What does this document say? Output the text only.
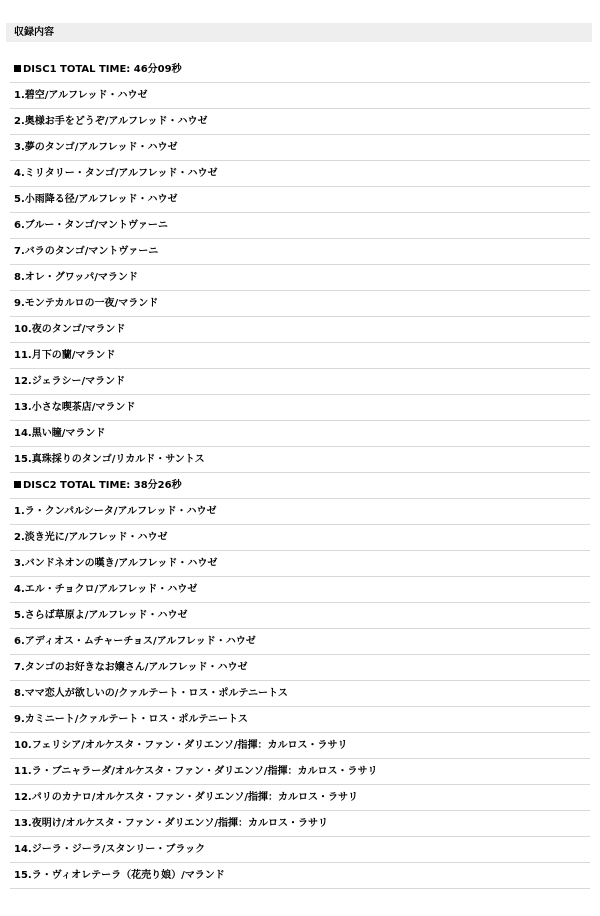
収録内容
DISC1 TOTAL TIME: 46分09秒
1.碧空/アルフレッド・ハウゼ
2.奥様お手をどうぞ/アルフレッド・ハウゼ
3.夢のタンゴ/アルフレッド・ハウゼ
4.ミリタリー・タンゴ/アルフレッド・ハウゼ
5.小雨降る径/アルフレッド・ハウゼ
6.ブルー・タンゴ/マントヴァーニ
7.バラのタンゴ/マントヴァーニ
8.オレ・グワッパ/マランド
9.モンテカルロの一夜/マランド
10.夜のタンゴ/マランド
11.月下の蘭/マランド
12.ジェラシー/マランド
13.小さな喫茶店/マランド
14.黒い瞳/マランド
15.真珠採りのタンゴ/リカルド・サントス
DISC2 TOTAL TIME: 38分26秒
1.ラ・クンパルシータ/アルフレッド・ハウゼ
2.淡き光に/アルフレッド・ハウゼ
3.バンドネオンの嘆き/アルフレッド・ハウゼ
4.エル・チョクロ/アルフレッド・ハウゼ
5.さらば草原よ/アルフレッド・ハウゼ
6.アディオス・ムチャーチョス/アルフレッド・ハウゼ
7.タンゴのお好きなお嬢さん/アルフレッド・ハウゼ
8.ママ恋人が欲しいの/クァルテート・ロス・ポルテニートス
9.カミニート/クァルテート・ロス・ポルテニートス
10.フェリシア/オルケスタ・ファン・ダリエンソ/指揮：カルロス・ラサリ
11.ラ・ブニャラーダ/オルケスタ・ファン・ダリエンソ/指揮：カルロス・ラサリ
12.パリのカナロ/オルケスタ・ファン・ダリエンソ/指揮：カルロス・ラサリ
13.夜明け/オルケスタ・ファン・ダリエンソ/指揮：カルロス・ラサリ
14.ジーラ・ジーラ/スタンリー・ブラック
15.ラ・ヴィオレテーラ（花売り娘）/マランド
